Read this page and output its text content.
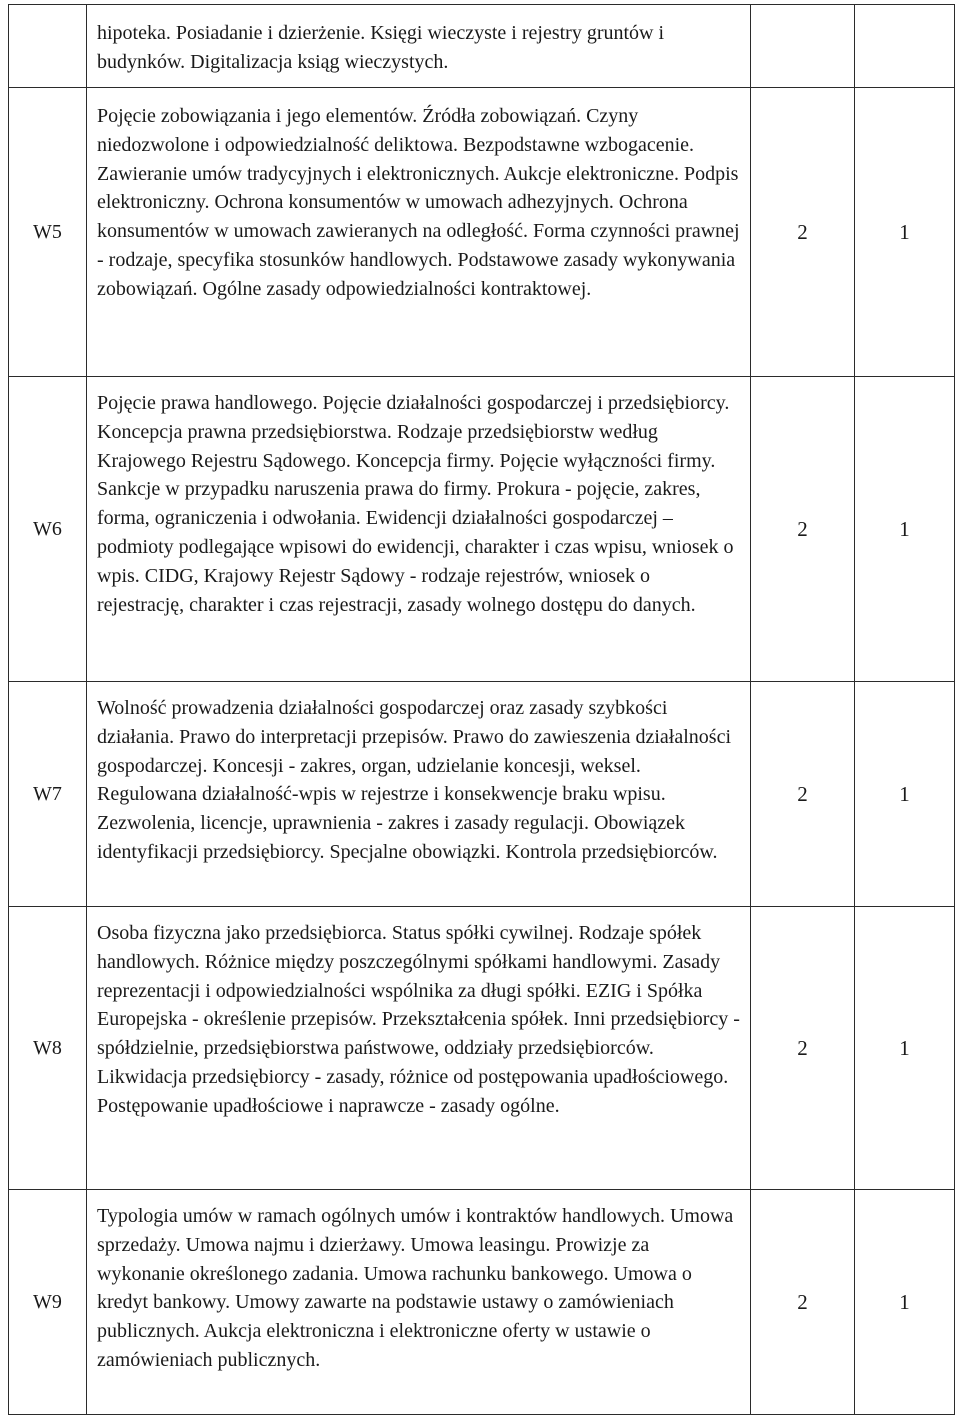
	hipoteka. Posiadanie i dzierżenie. Księgi wieczyste i rejestry gruntów i budynków. Digitalizacja ksiąg wieczystych.		

W5	Pojęcie zobowiązania i jego elementów. Źródła zobowiązań. Czyny niedozwolone i odpowiedzialność deliktowa. Bezpodstawne wzbogacenie. Zawieranie umów tradycyjnych i elektronicznych. Aukcje elektroniczne. Podpis elektroniczny. Ochrona konsumentów w umowach adhezyjnych. Ochrona konsumentów w umowach zawieranych na odległość. Forma czynności prawnej - rodzaje, specyfika stosunków handlowych. Podstawowe zasady wykonywania zobowiązań. Ogólne zasady odpowiedzialności kontraktowej.	2	1
W6	Pojęcie prawa handlowego. Pojęcie działalności gospodarczej i przedsiębiorcy. Koncepcja prawna przedsiębiorstwa. Rodzaje przedsiębiorstw według Krajowego Rejestru Sądowego. Koncepcja firmy. Pojęcie wyłączności firmy. Sankcje w przypadku naruszenia prawa do firmy. Prokura - pojęcie, zakres, forma, ograniczenia i odwołania. Ewidencji działalności gospodarczej – podmioty podlegające wpisowi do ewidencji, charakter i czas wpisu, wniosek o wpis. CIDG, Krajowy Rejestr Sądowy - rodzaje rejestrów, wniosek o rejestrację, charakter i czas rejestracji, zasady wolnego dostępu do danych.	2	1
W7	Wolność prowadzenia działalności gospodarczej oraz zasady szybkości działania. Prawo do interpretacji przepisów. Prawo do zawieszenia działalności gospodarczej. Koncesji - zakres, organ, udzielanie koncesji, weksel. Regulowana działalność-wpis w rejestrze i konsekwencje braku wpisu. Zezwolenia, licencje, uprawnienia - zakres i zasady regulacji. Obowiązek identyfikacji przedsiębiorcy. Specjalne obowiązki. Kontrola przedsiębiorców.	2	1
W8	Osoba fizyczna jako przedsiębiorca. Status spółki cywilnej. Rodzaje spółek handlowych. Różnice między poszczególnymi spółkami handlowymi. Zasady reprezentacji i odpowiedzialności wspólnika za długi spółki. EZIG i Spółka Europejska - określenie przepisów. Przekształcenia spółek. Inni przedsiębiorcy - spółdzielnie, przedsiębiorstwa państwowe, oddziały przedsiębiorców. Likwidacja przedsiębiorcy - zasady, różnice od postępowania upadłościowego. Postępowanie upadłościowe i naprawcze - zasady ogólne.	2	1
W9	Typologia umów w ramach ogólnych umów i kontraktów handlowych. Umowa sprzedaży. Umowa najmu i dzierżawy. Umowa leasingu. Prowizje za wykonanie określonego zadania. Umowa rachunku bankowego. Umowa o kredyt bankowy. Umowy zawarte na podstawie ustawy o zamówieniach publicznych. Aukcja elektroniczna i elektroniczne oferty w ustawie o zamówieniach publicznych.	2	1
